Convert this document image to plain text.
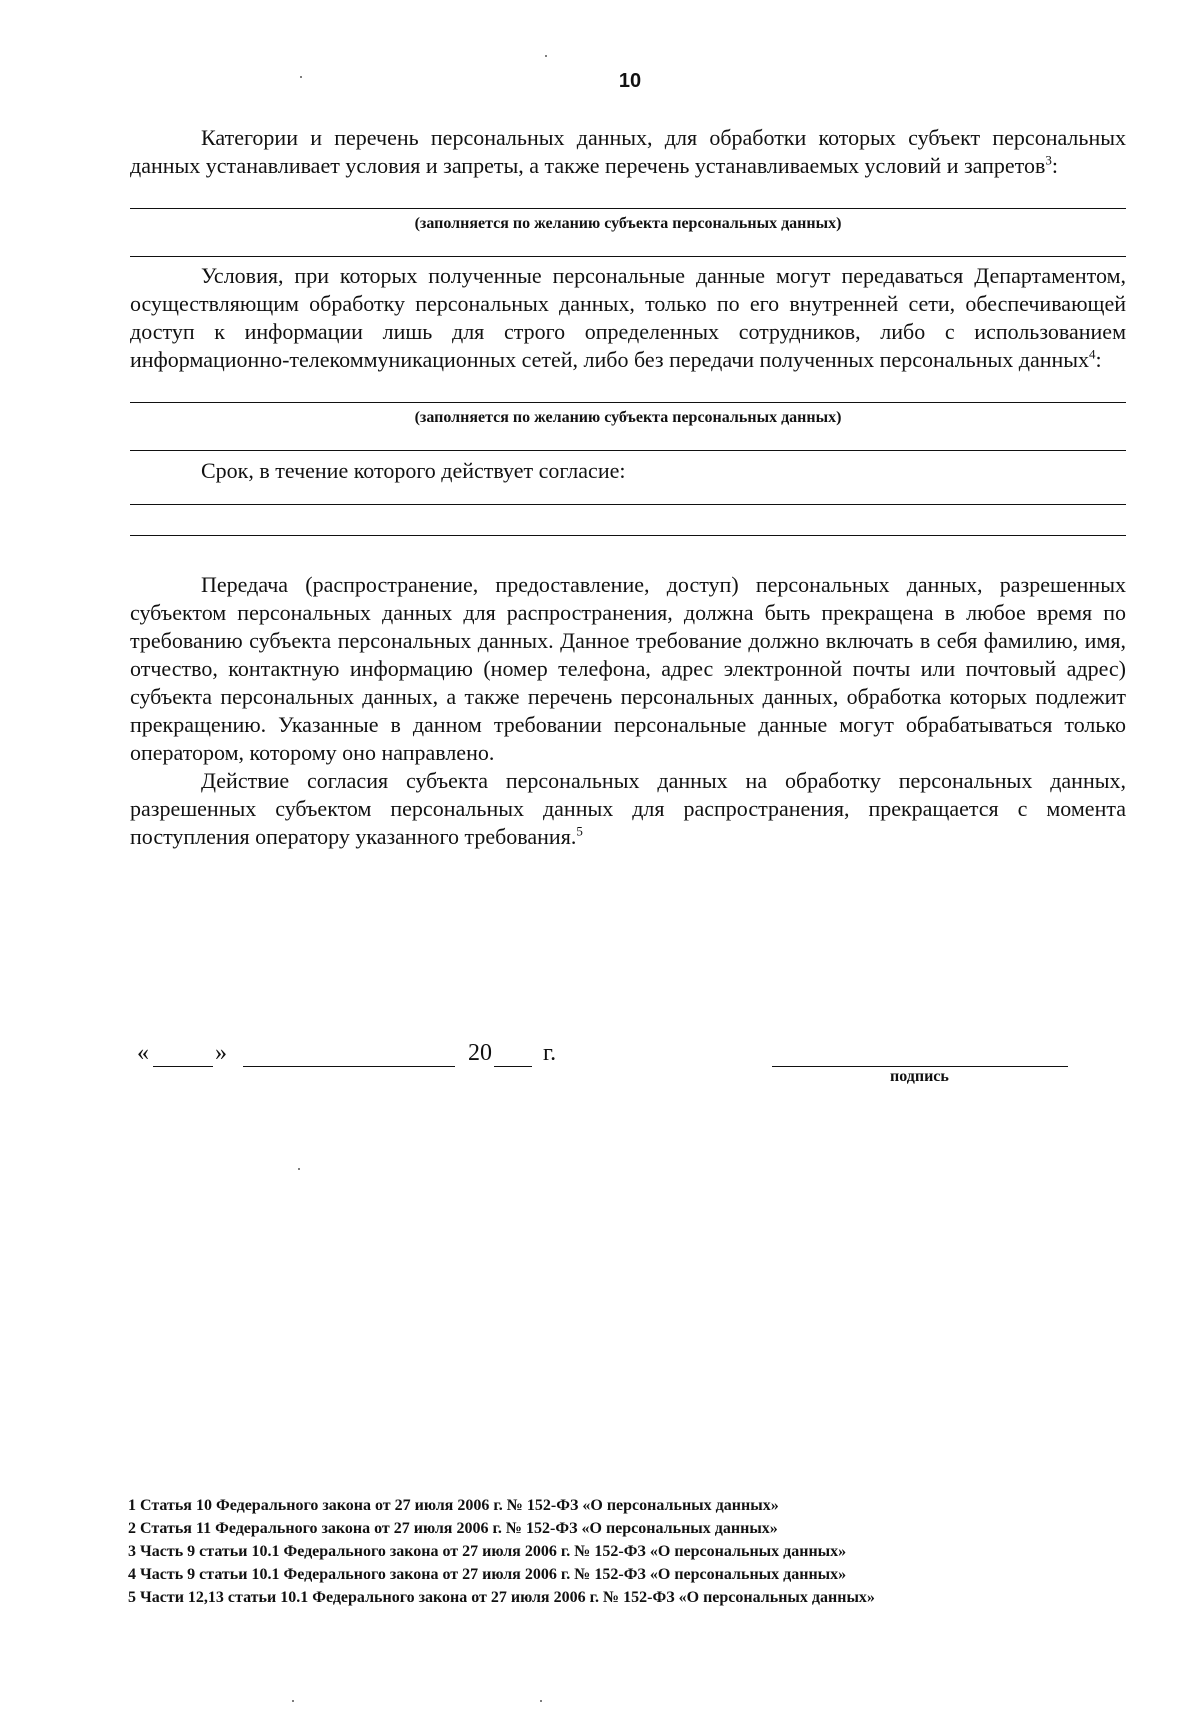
10

Категории и перечень персональных данных, для обработки которых субъект персональных данных устанавливает условия и запреты, а также перечень устанавливаемых условий и запретов$^3$:

(заполняется по желанию субъекта персональных данных)

Условия, при которых полученные персональные данные могут передаваться Департаментом, осуществляющим обработку персональных данных, только по его внутренней сети, обеспечивающей доступ к информации лишь для строго определенных сотрудников, либо с использованием информационно-телекоммуникационных сетей, либо без передачи полученных персональных данных$^4$:

(заполняется по желанию субъекта персональных данных)

Срок, в течение которого действует согласие:

Передача (распространение, предоставление, доступ) персональных данных, разрешенных субъектом персональных данных для распространения, должна быть прекращена в любое время по требованию субъекта персональных данных. Данное требование должно включать в себя фамилию, имя, отчество, контактную информацию (номер телефона, адрес электронной почты или почтовый адрес) субъекта персональных данных, а также перечень персональных данных, обработка которых подлежит прекращению. Указанные в данном требовании персональные данные могут обрабатываться только оператором, которому оно направлено.

Действие согласия субъекта персональных данных на обработку персональных данных, разрешенных субъектом персональных данных для распространения, прекращается с момента поступления оператору указанного требования.$^5$

«	»	20 г.
подпись
1 Статья 10 Федерального закона от 27 июля 2006 г. № 152-ФЗ «О персональных данных»
2 Статья 11 Федерального закона от 27 июля 2006 г. № 152-ФЗ «О персональных данных»
3 Часть 9 статьи 10.1 Федерального закона от 27 июля 2006 г. № 152-ФЗ «О персональных данных»
4 Часть 9 статьи 10.1 Федерального закона от 27 июля 2006 г. № 152-ФЗ «О персональных данных»
5 Части 12,13 статьи 10.1 Федерального закона от 27 июля 2006 г. № 152-ФЗ «О персональных данных»
